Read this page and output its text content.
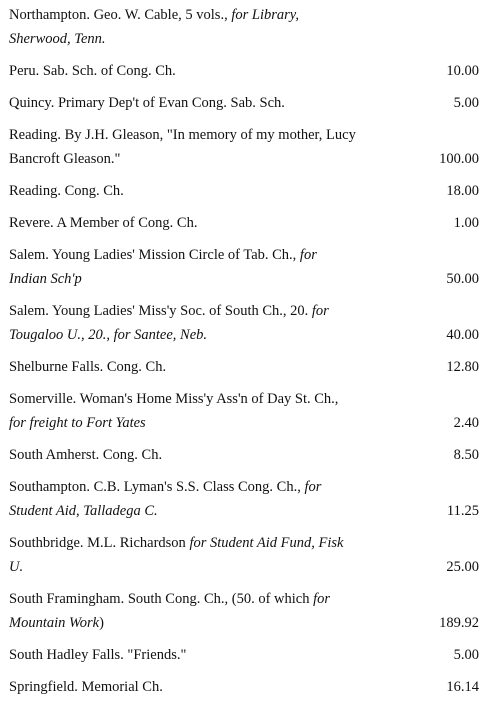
Northampton. Geo. W. Cable, 5 vols., for Library,
Sherwood, Tenn.
Peru. Sab. Sch. of Cong. Ch.	10.00
Quincy. Primary Dep't of Evan Cong. Sab. Sch.	5.00
Reading. By J.H. Gleason, "In memory of my mother, Lucy
Bancroft Gleason."	100.00
Reading. Cong. Ch.	18.00
Revere. A Member of Cong. Ch.	1.00
Salem. Young Ladies' Mission Circle of Tab. Ch., for
Indian Sch'p	50.00
Salem. Young Ladies' Miss'y Soc. of South Ch., 20. for
Tougaloo U., 20., for Santee, Neb.	40.00
Shelburne Falls. Cong. Ch.	12.80
Somerville. Woman's Home Miss'y Ass'n of Day St. Ch.,
for freight to Fort Yates	2.40
South Amherst. Cong. Ch.	8.50
Southampton. C.B. Lyman's S.S. Class Cong. Ch., for
Student Aid, Talladega C.	11.25
Southbridge. M.L. Richardson for Student Aid Fund, Fisk
U.	25.00
South Framingham. South Cong. Ch., (50. of which for
Mountain Work)	189.92
South Hadley Falls. "Friends."	5.00
Springfield. Memorial Ch.	16.14
